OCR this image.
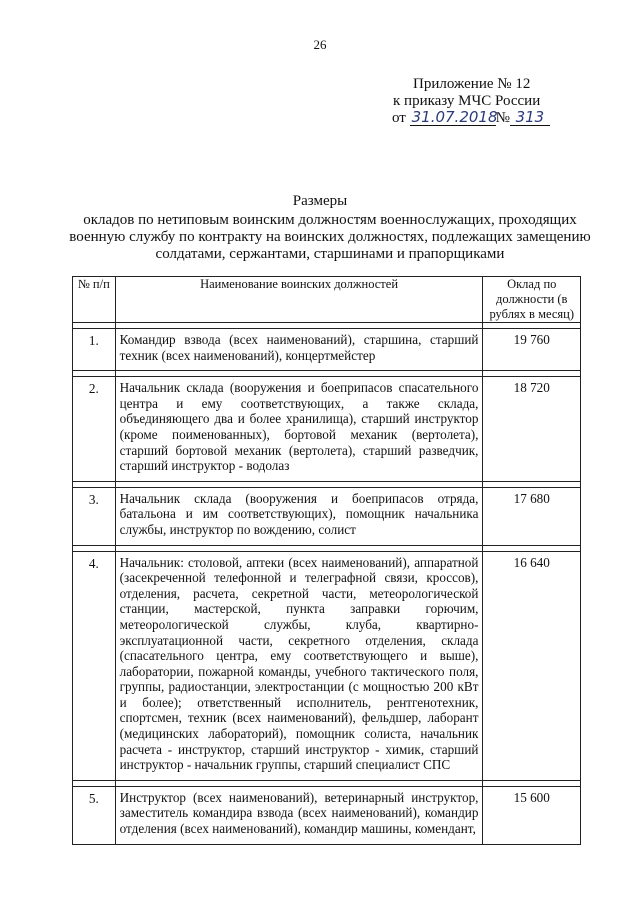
26
Приложение № 12
к приказу МЧС России
от 31.07.2018№ 313
Размеры
окладов по нетиповым воинским должностям военнослужащих, проходящих
военную службу по контракту на воинских должностях, подлежащих замещению
солдатами, сержантами, старшинами и прапорщиками
№ п/п	Наименование воинских должностей	Оклад по должности (в рублях в месяц)

1.	Командир взвода (всех наименований), старшина, старший техник (всех наименований), концертмейстер	19 760

2.	Начальник склада (вооружения и боеприпасов спасательного центра и ему соответствующих, а также склада, объединяющего два и более хранилища), старший инструктор (кроме поименованных), бортовой механик (вертолета), старший бортовой механик (вертолета), старший разведчик, старший инструктор - водолаз	18 720

3.	Начальник склада (вооружения и боеприпасов отряда, батальона и им соответствующих), помощник начальника службы, инструктор по вождению, солист	17 680

4.	Начальник: столовой, аптеки (всех наименований), аппаратной (засекреченной телефонной и телеграфной связи, кроссов), отделения, расчета, секретной части, метеорологической станции, мастерской, пункта заправки горючим, метеорологической службы, клуба, квартирно-эксплуатационной части, секретного отделения, склада (спасательного центра, ему соответствующего и выше), лаборатории, пожарной команды, учебного тактического поля, группы, радиостанции, электростанции (с мощностью 200 кВт и более); ответственный исполнитель, рентгенотехник, спортсмен, техник (всех наименований), фельдшер, лаборант (медицинских лабораторий), помощник солиста, начальник расчета - инструктор, старший инструктор - химик, старший инструктор - начальник группы, старший специалист СПС	16 640

5.	Инструктор (всех наименований), ветеринарный инструктор, заместитель командира взвода (всех наименований), командир отделения (всех наименований), командир машины, комендант,	15 600
